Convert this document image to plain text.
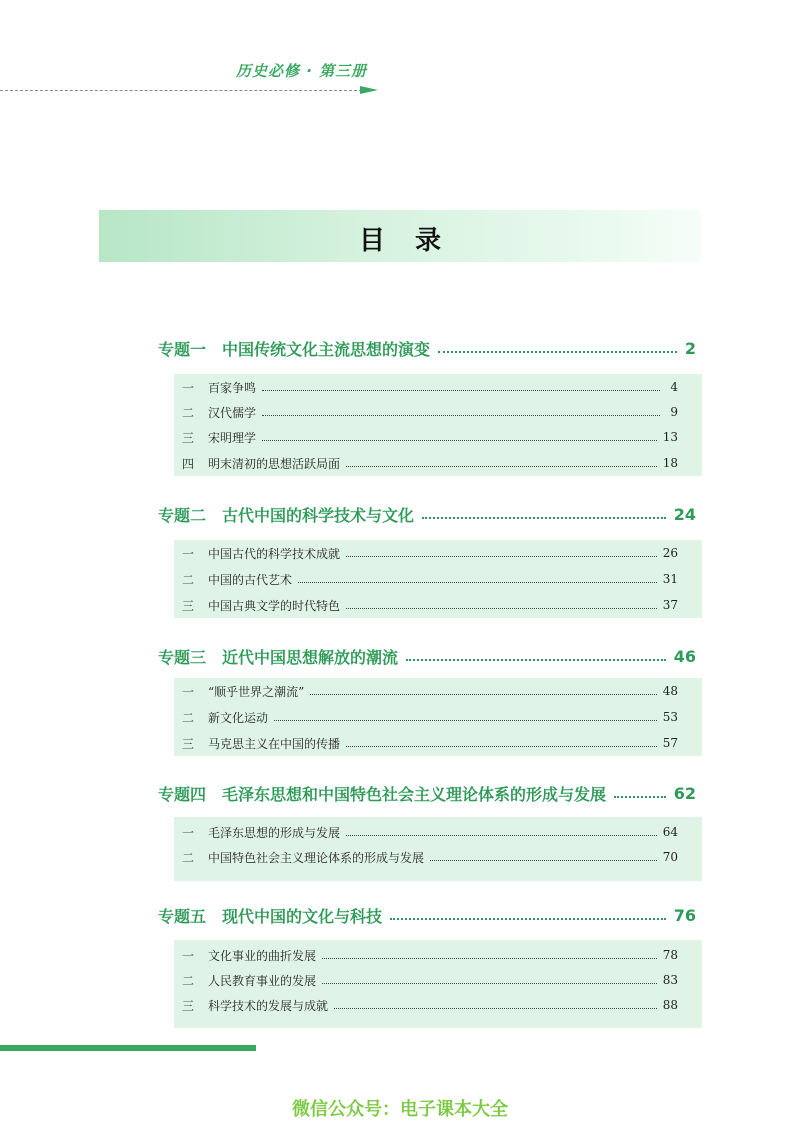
历史必修 · 第三册
目录
专题一 中国传统文化主流思想的演变	2
一	百家争鸣	4
二	汉代儒学	9
三	宋明理学	13
四	明末清初的思想活跃局面	18
专题二 古代中国的科学技术与文化	24
一	中国古代的科学技术成就	26
二	中国的古代艺术	31
三	中国古典文学的时代特色	37
专题三 近代中国思想解放的潮流	46
一	“顺乎世界之潮流”	48
二	新文化运动	53
三	马克思主义在中国的传播	57
专题四 毛泽东思想和中国特色社会主义理论体系的形成与发展	62
一	毛泽东思想的形成与发展	64
二	中国特色社会主义理论体系的形成与发展	70
专题五 现代中国的文化与科技	76
一	文化事业的曲折发展	78
二	人民教育事业的发展	83
三	科学技术的发展与成就	88
微信公众号：电子课本大全
